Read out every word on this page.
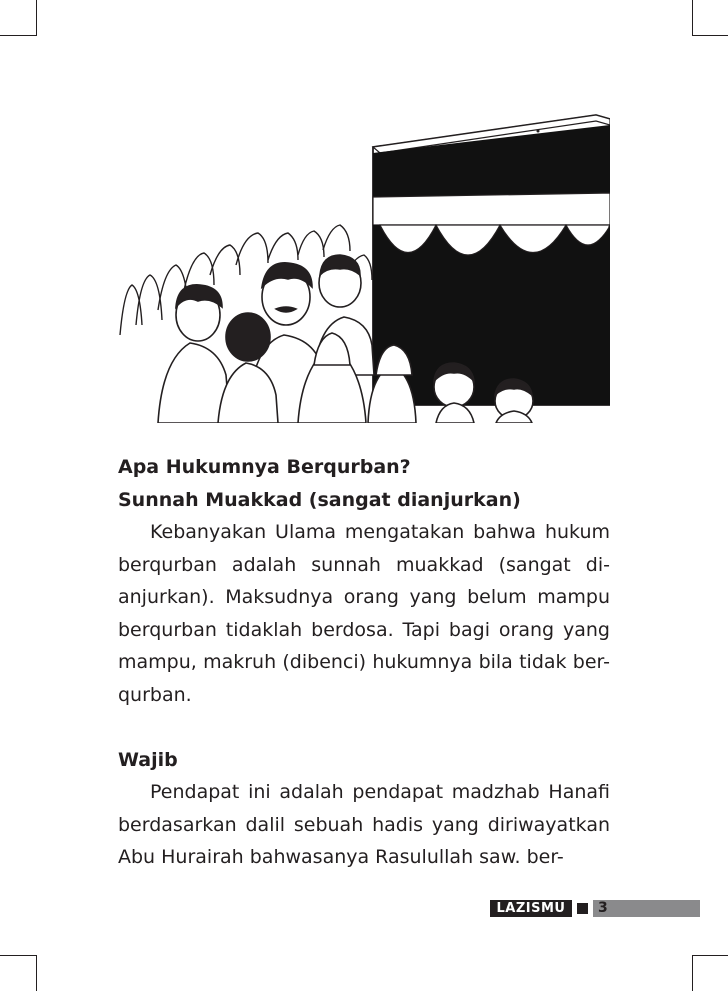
Apa Hukumnya Berqurban?

Sunnah Muakkad (sangat dianjurkan)

Kebanyakan Ulama mengatakan bahwa hukum berqurban adalah sunnah muakkad (sangat di-anjurkan). Maksudnya orang yang belum mampu berqurban tidaklah berdosa. Tapi bagi orang yang mampu, makruh (dibenci) hukumnya bila tidak ber-qurban.

Wajib

Pendapat ini adalah pendapat madzhab Hanafi berdasarkan dalil sebuah hadis yang diriwayatkan Abu Hurairah bahwasanya Rasulullah saw. ber-

LAZISMU	3
